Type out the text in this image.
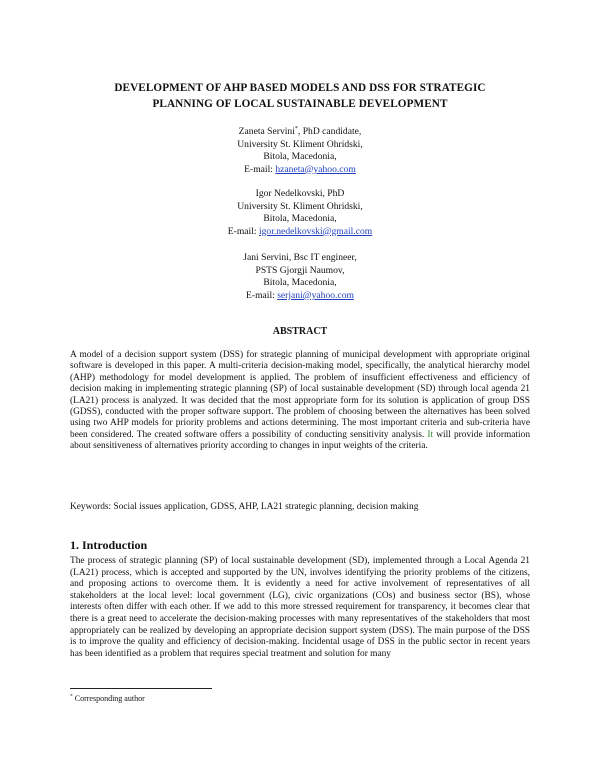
DEVELOPMENT OF AHP BASED MODELS AND DSS FOR STRATEGIC
PLANNING OF LOCAL SUSTAINABLE DEVELOPMENT
Zaneta Servini*, PhD candidate,
University St. Kliment Ohridski,
Bitola, Macedonia,
E-mail: hzaneta@yahoo.com
Igor Nedelkovski, PhD
University St. Kliment Ohridski,
Bitola, Macedonia,
E-mail: igor.nedelkovski@gmail.com
Jani Servini, Bsc IT engineer,
PSTS Gjorgji Naumov,
Bitola, Macedonia,
E-mail: serjani@yahoo.com
ABSTRACT
A model of a decision support system (DSS) for strategic planning of municipal development with appropriate original software is developed in this paper. A multi-criteria decision-making model, specifically, the analytical hierarchy model (AHP) methodology for model development is applied. The problem of insufficient effectiveness and efficiency of decision making in implementing strategic planning (SP) of local sustainable development (SD) through local agenda 21 (LA21) process is analyzed. It was decided that the most appropriate form for its solution is application of group DSS (GDSS), conducted with the proper software support. The problem of choosing between the alternatives has been solved using two AHP models for priority problems and actions determining. The most important criteria and sub-criteria have been considered. The created software offers a possibility of conducting sensitivity analysis. It will provide information about sensitiveness of alternatives priority according to changes in input weights of the criteria.
Keywords: Social issues application, GDSS, AHP, LA21 strategic planning, decision making
1. Introduction
The process of strategic planning (SP) of local sustainable development (SD), implemented through a Local Agenda 21 (LA21) process, which is accepted and supported by the UN, involves identifying the priority problems of the citizens, and proposing actions to overcome them. It is evidently a need for active involvement of representatives of all stakeholders at the local level: local government (LG), civic organizations (COs) and business sector (BS), whose interests often differ with each other. If we add to this more stressed requirement for transparency, it becomes clear that there is a great need to accelerate the decision-making processes with many representatives of the stakeholders that most appropriately can be realized by developing an appropriate decision support system (DSS). The main purpose of the DSS is to improve the quality and efficiency of decision-making. Incidental usage of DSS in the public sector in recent years has been identified as a problem that requires special treatment and solution for many
* Corresponding author
